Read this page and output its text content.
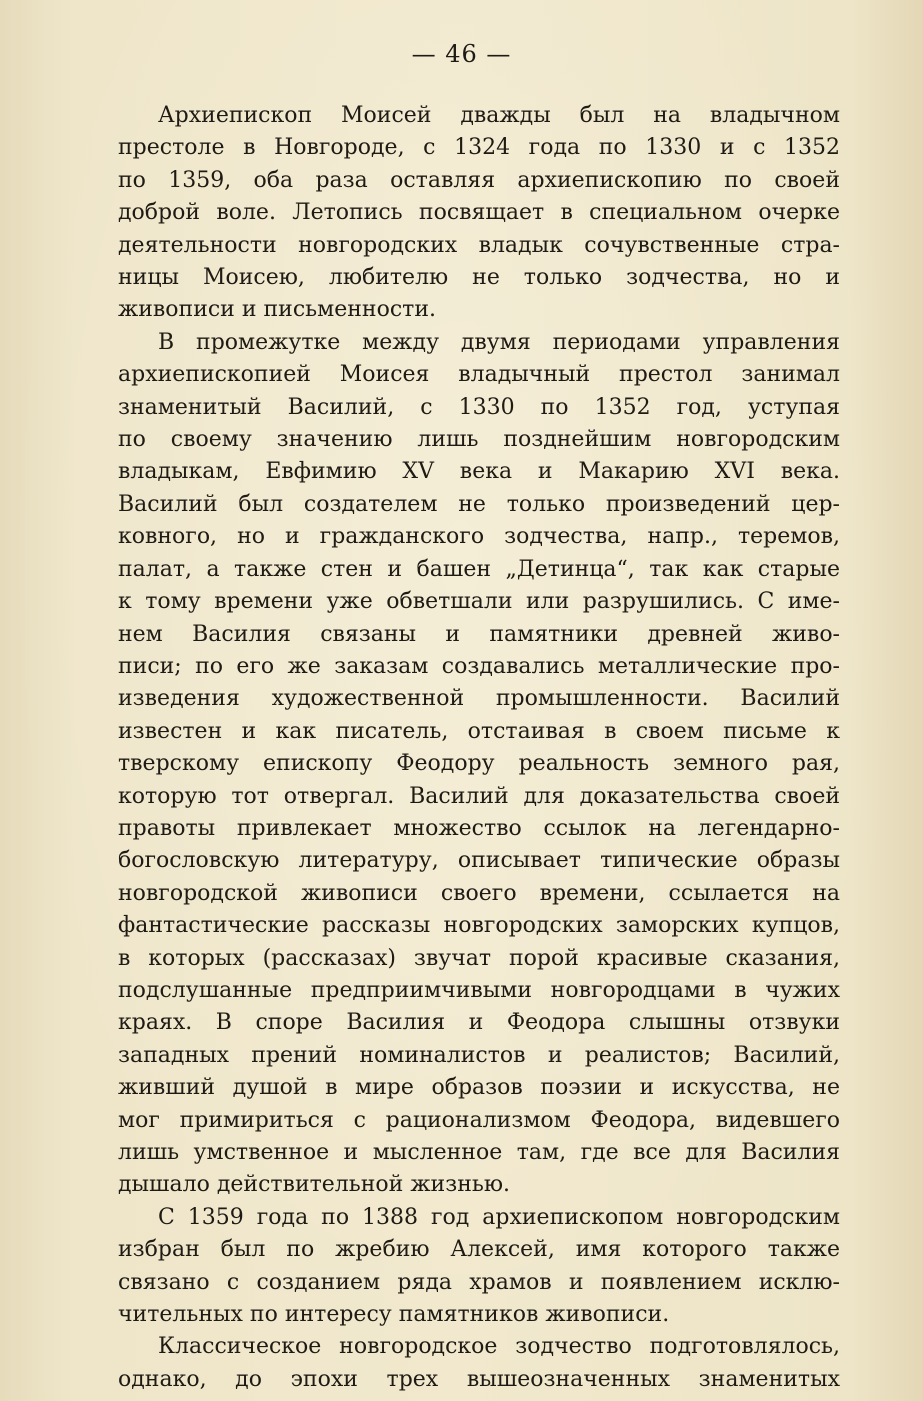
— 46 —

Архиепископ Моисей дважды был на владычном
престоле в Новгороде, с 1324 года по 1330 и с 1352
по 1359, оба раза оставляя архиепископию по своей
доброй воле. Летопись посвящает в специальном очерке
деятельности новгородских владык сочувственные стра-
ницы Моисею, любителю не только зодчества, но и
живописи и письменности.

В промежутке между двумя периодами управления
архиепископией Моисея владычный престол занимал
знаменитый Василий, с 1330 по 1352 год, уступая
по своему значению лишь позднейшим новгородским
владыкам, Евфимию XV века и Макарию XVI века.
Василий был создателем не только произведений цер-
ковного, но и гражданского зодчества, напр., теремов,
палат, а также стен и башен „Детинца“, так как старые
к тому времени уже обветшали или разрушились. С име-
нем Василия связаны и памятники древней живо-
писи; по его же заказам создавались металлические про-
изведения художественной промышленности. Василий
известен и как писатель, отстаивая в своем письме к
тверскому епископу Феодору реальность земного рая,
которую тот отвергал. Василий для доказательства своей
правоты привлекает множество ссылок на легендарно-
богословскую литературу, описывает типические образы
новгородской живописи своего времени, ссылается на
фантастические рассказы новгородских заморских купцов,
в которых (рассказах) звучат порой красивые сказания,
подслушанные предприимчивыми новгородцами в чужих
краях. В споре Василия и Феодора слышны отзвуки
западных прений номиналистов и реалистов; Василий,
живший душой в мире образов поэзии и искусства, не
мог примириться с рационализмом Феодора, видевшего
лишь умственное и мысленное там, где все для Василия
дышало действительной жизнью.

С 1359 года по 1388 год архиепископом новгородским
избран был по жребию Алексей, имя которого также
связано с созданием ряда храмов и появлением исклю-
чительных по интересу памятников живописи.

Классическое новгородское зодчество подготовлялось,
однако, до эпохи трех вышеозначенных знаменитых
